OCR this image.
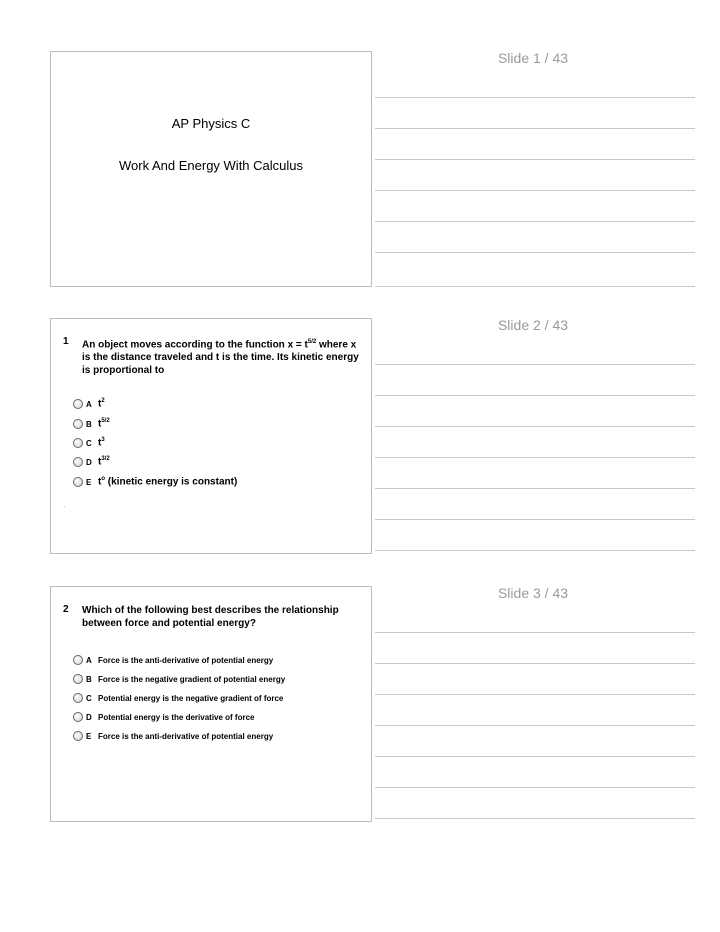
Slide 1 / 43
AP Physics C
Work And Energy With Calculus
Slide 2 / 43
1 An object moves according to the function $x = t^{5/2}$ where x is the distance traveled and t is the time. Its kinetic energy is proportional to
A $t^2$
B $t^{5/2}$
C $t^3$
D $t^{3/2}$
E $t^o$ (kinetic energy is constant)
'
Slide 3 / 43
2 Which of the following best describes the relationship between force and potential energy?
A Force is the anti-derivative of potential energy
B Force is the negative gradient of potential energy
C Potential energy is the negative gradient of force
D Potential energy is the derivative of force
E Force is the anti-derivative of potential energy
